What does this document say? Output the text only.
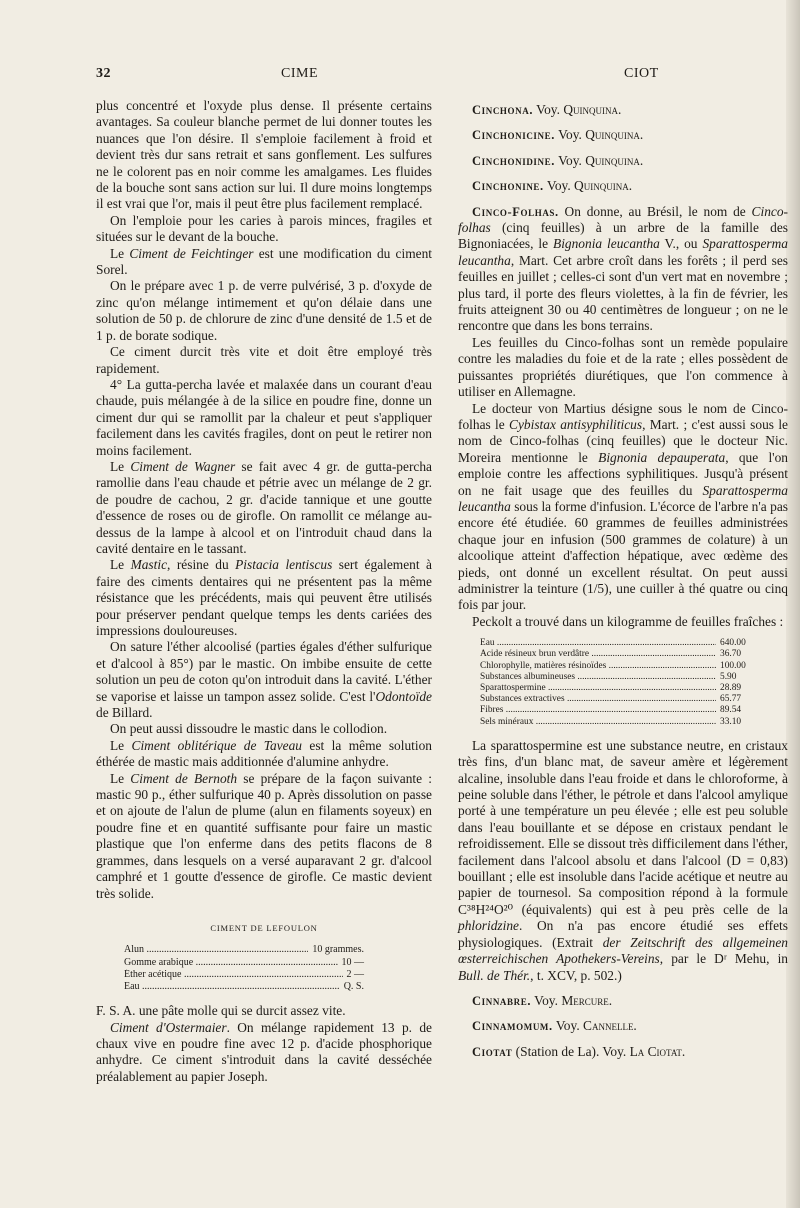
32	CIME	CIOT

plus concentré et l'oxyde plus dense. Il présente certains avantages. Sa couleur blanche permet de lui donner toutes les nuances que l'on désire. Il s'emploie facilement à froid et devient très dur sans retrait et sans gonflement. Les sulfures ne le colorent pas en noir comme les amalgames. Les fluides de la bouche sont sans action sur lui. Il dure moins longtemps il est vrai que l'or, mais il peut être plus facilement remplacé.

On l'emploie pour les caries à parois minces, fragiles et situées sur le devant de la bouche.

Le Ciment de Feichtinger est une modification du ciment Sorel.

On le prépare avec 1 p. de verre pulvérisé, 3 p. d'oxyde de zinc qu'on mélange intimement et qu'on délaie dans une solution de 50 p. de chlorure de zinc d'une densité de 1.5 et de 1 p. de borate sodique.

Ce ciment durcit très vite et doit être employé très rapidement.

4° La gutta-percha lavée et malaxée dans un courant d'eau chaude, puis mélangée à de la silice en poudre fine, donne un ciment dur qui se ramollit par la chaleur et peut s'appliquer facilement dans les cavités fragiles, dont on peut le retirer non moins facilement.

Le Ciment de Wagner se fait avec 4 gr. de gutta-percha ramollie dans l'eau chaude et pétrie avec un mélange de 2 gr. de poudre de cachou, 2 gr. d'acide tannique et une goutte d'essence de roses ou de girofle. On ramollit ce mélange au-dessus de la lampe à alcool et on l'introduit chaud dans la cavité dentaire en le tassant.

Le Mastic, résine du Pistacia lentiscus sert également à faire des ciments dentaires qui ne présentent pas la même résistance que les précédents, mais qui peuvent être utilisés pour préserver pendant quelque temps les dents cariées des impressions douloureuses.

On sature l'éther alcoolisé (parties égales d'éther sulfurique et d'alcool à 85°) par le mastic. On imbibe ensuite de cette solution un peu de coton qu'on introduit dans la cavité. L'éther se vaporise et laisse un tampon assez solide. C'est l'Odontoïde de Billard.

On peut aussi dissoudre le mastic dans le collodion.

Le Ciment oblitérique de Taveau est la même solution éthérée de mastic mais additionnée d'alumine anhydre.

Le Ciment de Bernoth se prépare de la façon suivante : mastic 90 p., éther sulfurique 40 p. Après dissolution on passe et on ajoute de l'alun de plume (alun en filaments soyeux) en poudre fine et en quantité suffisante pour faire un mastic plastique que l'on enferme dans des petits flacons de 8 grammes, dans lesquels on a versé auparavant 2 gr. d'alcool camphré et 1 goutte d'essence de girofle. Ce mastic devient très solide.

CIMENT DE LEFOULON
Alun .....	10 grammes.
Gomme arabique .....	10 —
Éther acétique .....	2 —
Eau .....	Q. S.

F. S. A. une pâte molle qui se durcit assez vite.

Ciment d'Ostermaier. On mélange rapidement 13 p. de chaux vive en poudre fine avec 12 p. d'acide phosphorique anhydre. Ce ciment s'introduit dans la cavité desséchée préalablement au papier Joseph.

Cinchona. Voy. Quinquina.

Cinchonicine. Voy. Quinquina.

Cinchonidine. Voy. Quinquina.

Cinchonine. Voy. Quinquina.

Cinco-Folhas. On donne, au Brésil, le nom de Cinco-folhas (cinq feuilles) à un arbre de la famille des Bignoniacées, le Bignonia leucantha V., ou Sparattosperma leucantha, Mart. Cet arbre croît dans les forêts ; il perd ses feuilles en juillet ; celles-ci sont d'un vert mat en novembre ; plus tard, il porte des fleurs violettes, à la fin de février, les fruits atteignent 30 ou 40 centimètres de longueur ; on ne le rencontre que dans les bons terrains.

Les feuilles du Cinco-folhas sont un remède populaire contre les maladies du foie et de la rate ; elles possèdent de puissantes propriétés diurétiques, que l'on commence à utiliser en Allemagne.

Le docteur von Martius désigne sous le nom de Cinco-folhas le Cybistax antisyphiliticus, Mart. ; c'est aussi sous le nom de Cinco-folhas (cinq feuilles) que le docteur Nic. Moreira mentionne le Bignonia depauperata, que l'on emploie contre les affections syphilitiques. Jusqu'à présent on ne fait usage que des feuilles du Sparattosperma leucantha sous la forme d'infusion. L'écorce de l'arbre n'a pas encore été étudiée. 60 grammes de feuilles administrées chaque jour en infusion (500 grammes de colature) à un alcoolique atteint d'affection hépatique, avec œdème des pieds, ont donné un excellent résultat. On peut aussi administrer la teinture (1/5), une cuiller à thé quatre ou cinq fois par jour.

Peckolt a trouvé dans un kilogramme de feuilles fraîches :

Eau .....	640.00
Acide résineux brun verdâtre .....	36.70
Chlorophylle, matières résinoïdes .....	100.00
Substances albumineuses .....	5.90
Sparattospermine .....	28.89
Substances extractives .....	65.77
Fibres .....	89.54
Sels minéraux .....	33.10

La sparattospermine est une substance neutre, en cristaux très fins, d'un blanc mat, de saveur amère et légèrement alcaline, insoluble dans l'eau froide et dans le chloroforme, à peine soluble dans l'éther, le pétrole et dans l'alcool amylique porté à une température un peu élevée ; elle est peu soluble dans l'eau bouillante et se dépose en cristaux pendant le refroidissement. Elle se dissout très difficilement dans l'éther, facilement dans l'alcool absolu et dans l'alcool (D = 0,83) bouillant ; elle est insoluble dans l'acide acétique et neutre au papier de tournesol. Sa composition répond à la formule C³⁸H²⁴O²⁰ (équivalents) qui est à peu près celle de la phloridzine. On n'a pas encore étudié ses effets physiologiques. (Extrait der Zeitschrift des allgemeinen œsterreichischen Apothekers-Vereins, par le Dʳ Mehu, in Bull. de Thér., t. XCV, p. 502.)

Cinnabre. Voy. Mercure.

Cinnamomum. Voy. Cannelle.

Ciotat (Station de La). Voy. La Ciotat.
